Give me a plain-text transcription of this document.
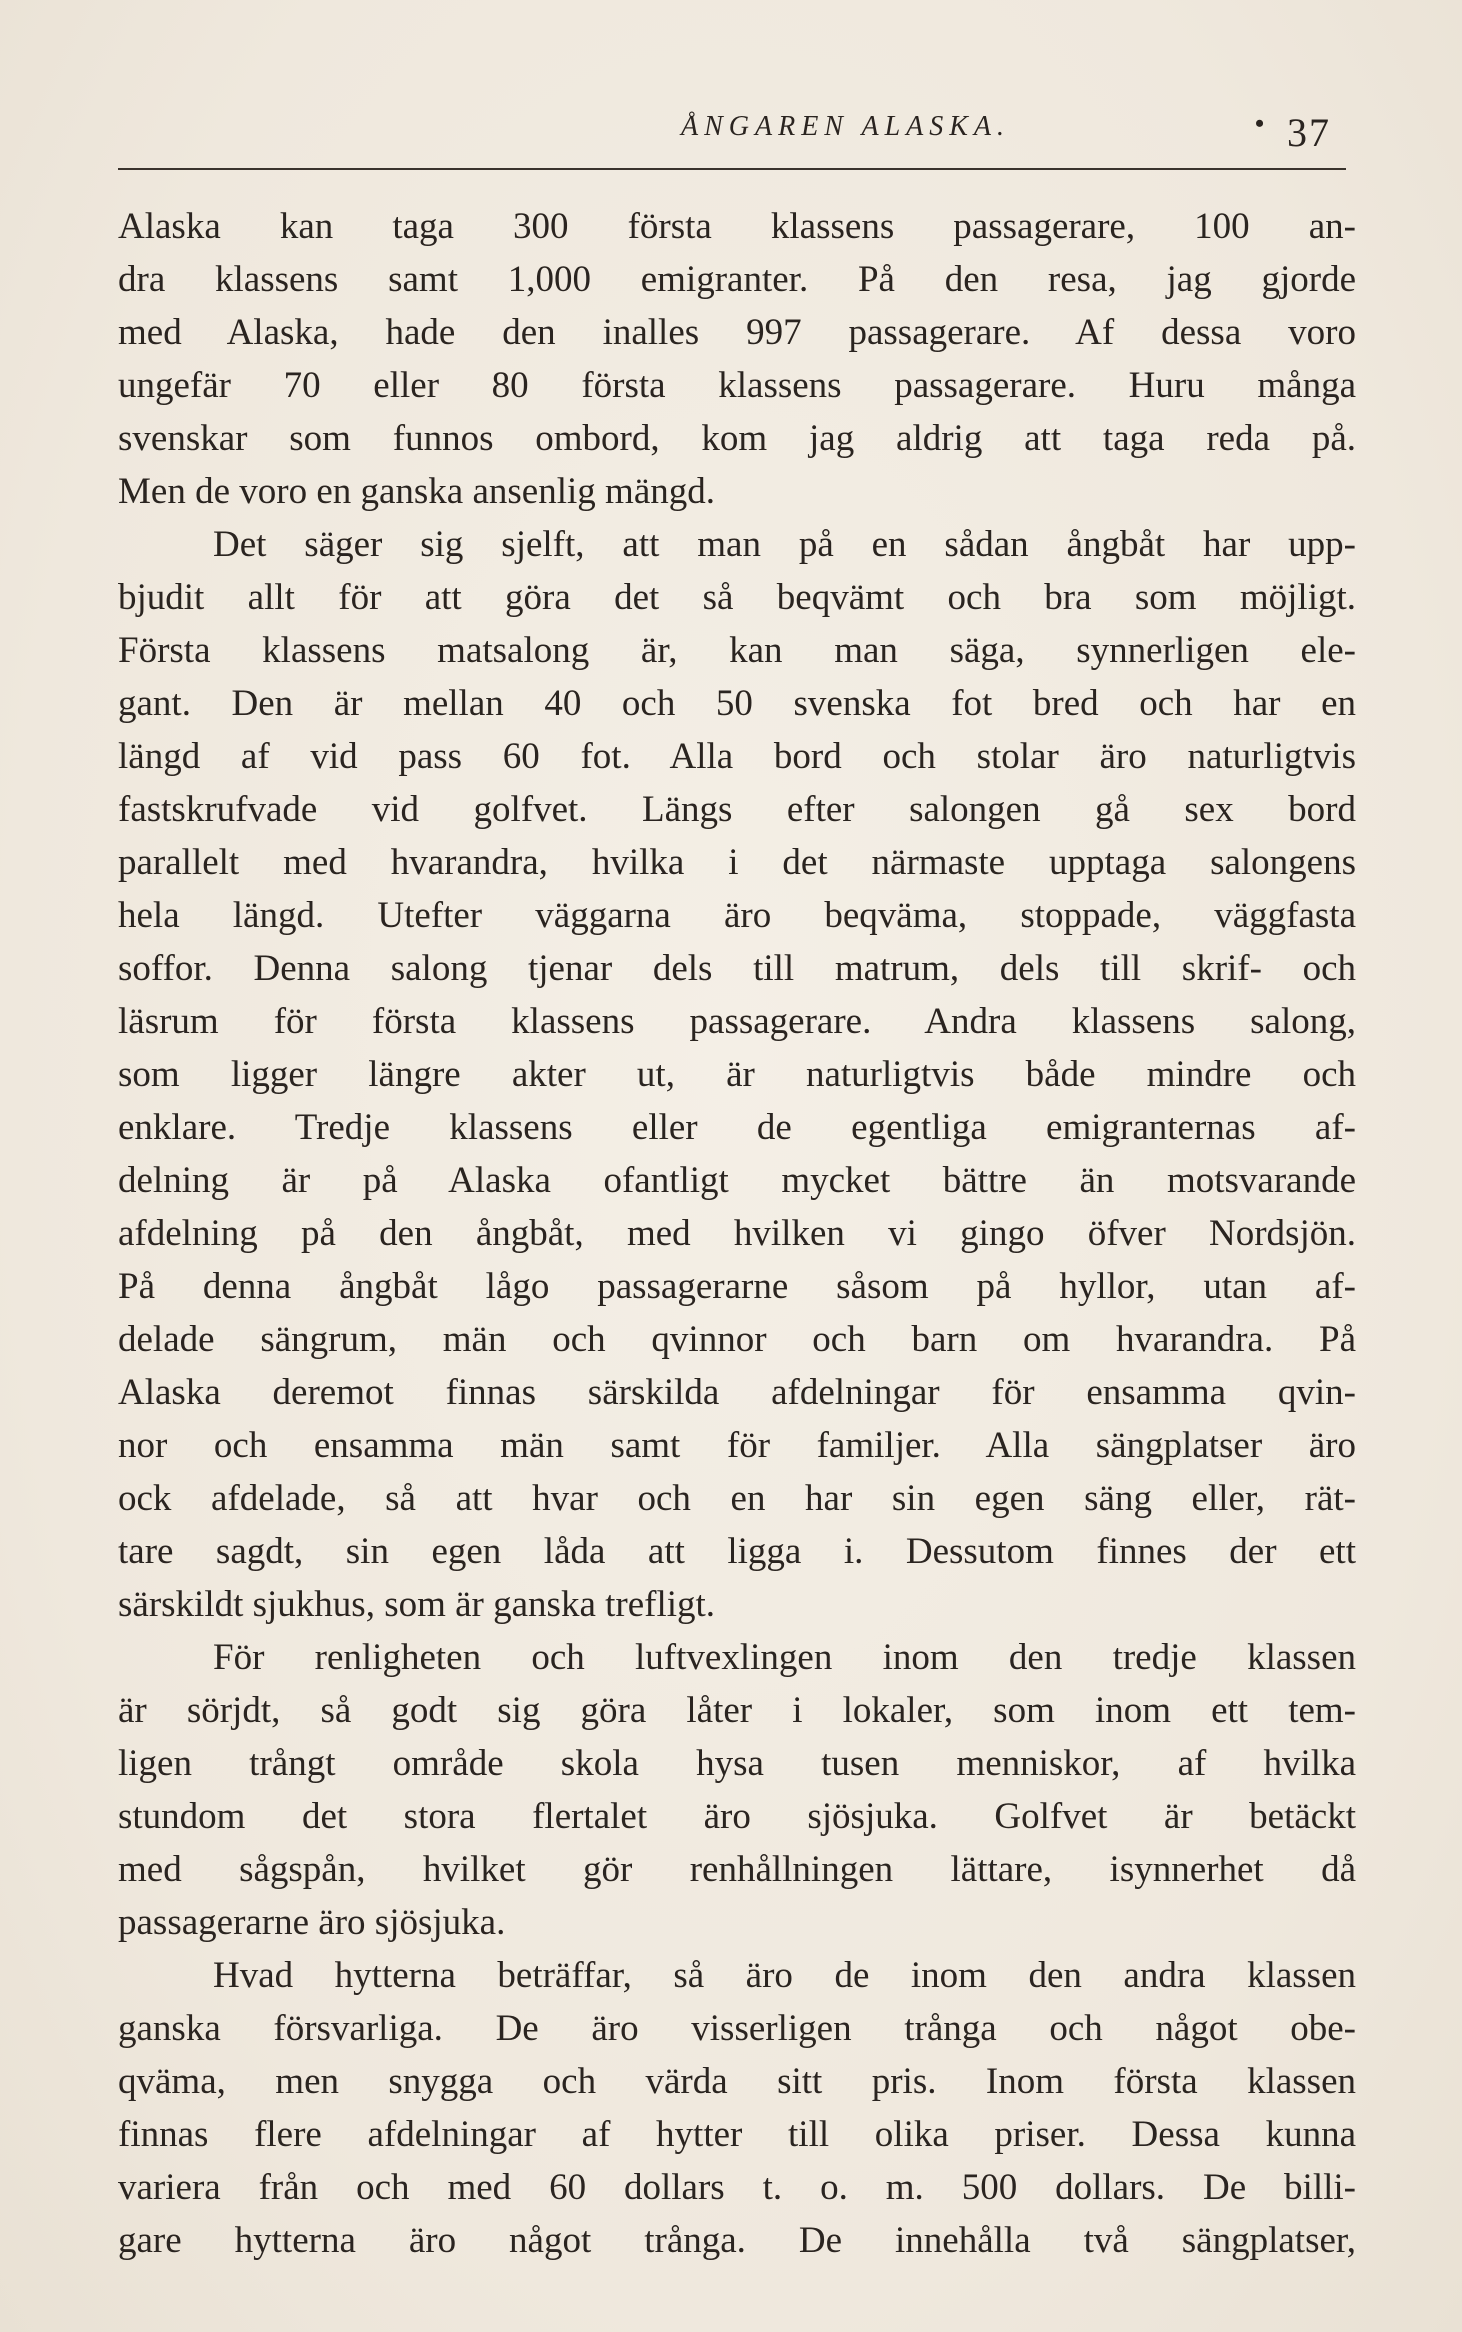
ÅNGAREN ALASKA.	• 37
Alaska kan taga 300 första klassens passagerare, 100 an-
dra klassens samt 1,000 emigranter. På den resa, jag gjorde
med Alaska, hade den inalles 997 passagerare. Af dessa voro
ungefär 70 eller 80 första klassens passagerare. Huru många
svenskar som funnos ombord, kom jag aldrig att taga reda på.
Men de voro en ganska ansenlig mängd.
Det säger sig sjelft, att man på en sådan ångbåt har upp-
bjudit allt för att göra det så beqvämt och bra som möjligt.
Första klassens matsalong är, kan man säga, synnerligen ele-
gant. Den är mellan 40 och 50 svenska fot bred och har en
längd af vid pass 60 fot. Alla bord och stolar äro naturligtvis
fastskrufvade vid golfvet. Längs efter salongen gå sex bord
parallelt med hvarandra, hvilka i det närmaste upptaga salongens
hela längd. Utefter väggarna äro beqväma, stoppade, väggfasta
soffor. Denna salong tjenar dels till matrum, dels till skrif- och
läsrum för första klassens passagerare. Andra klassens salong,
som ligger längre akter ut, är naturligtvis både mindre och
enklare. Tredje klassens eller de egentliga emigranternas af-
delning är på Alaska ofantligt mycket bättre än motsvarande
afdelning på den ångbåt, med hvilken vi gingo öfver Nordsjön.
På denna ångbåt lågo passagerarne såsom på hyllor, utan af-
delade sängrum, män och qvinnor och barn om hvarandra. På
Alaska deremot finnas särskilda afdelningar för ensamma qvin-
nor och ensamma män samt för familjer. Alla sängplatser äro
ock afdelade, så att hvar och en har sin egen säng eller, rät-
tare sagdt, sin egen låda att ligga i. Dessutom finnes der ett
särskildt sjukhus, som är ganska trefligt.
För renligheten och luftvexlingen inom den tredje klassen
är sörjdt, så godt sig göra låter i lokaler, som inom ett tem-
ligen trångt område skola hysa tusen menniskor, af hvilka
stundom det stora flertalet äro sjösjuka. Golfvet är betäckt
med sågspån, hvilket gör renhållningen lättare, isynnerhet då
passagerarne äro sjösjuka.
Hvad hytterna beträffar, så äro de inom den andra klassen
ganska försvarliga. De äro visserligen trånga och något obe-
qväma, men snygga och värda sitt pris. Inom första klassen
finnas flere afdelningar af hytter till olika priser. Dessa kunna
variera från och med 60 dollars t. o. m. 500 dollars. De billi-
gare hytterna äro något trånga. De innehålla två sängplatser,
